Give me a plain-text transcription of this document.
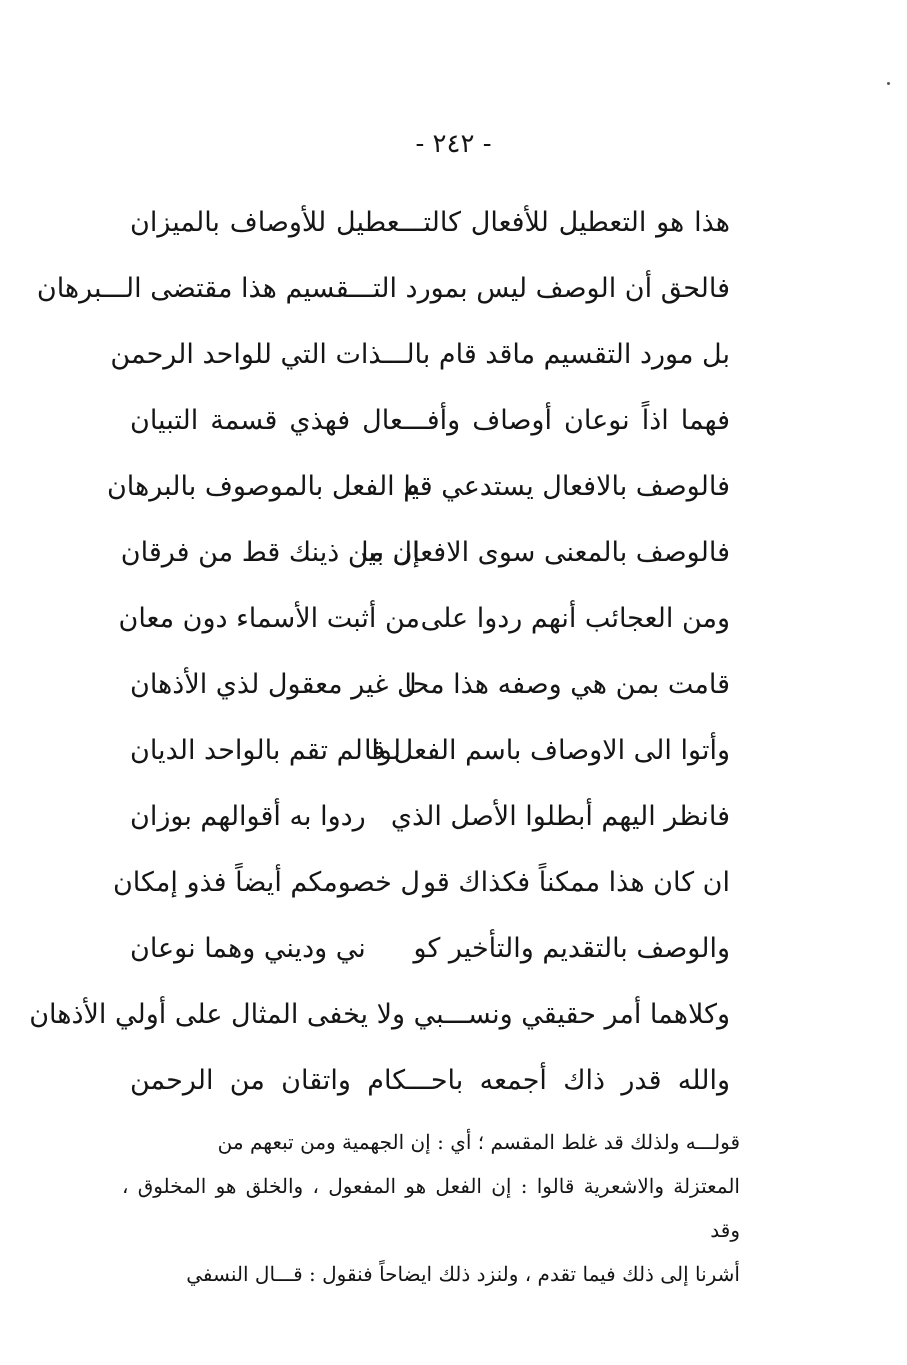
- ٢٤٢ -
هذا هو التعطيل للأفعال كالتـــعطيل للأوصاف بالميزان
فالحق أن الوصف ليس بمورد التـــقسيم هذا مقتضى الـــبرهان
بل مورد التقسيم ماقد قام بالـــذات التي للواحد الرحمن
فهما اذاً نوعان أوصاف وأفـــعال فهذي قسمة التبيان
فالوصف بالافعال يستدعي قيا
م الفعل بالموصوف بالبرهان
فالوصف بالمعنى سوى الافعال ما
إن بين ذينك قط من فرقان
ومن العجائب أنهم ردوا على
من أثبت الأسماء دون معان
قامت بمن هي وصفه هذا محا
ل غير معقول لذي الأذهان
وأتوا الى الاوصاف باسم الفعل قا
لوا لم تقم بالواحد الديان
فانظر اليهم أبطلوا الأصل الذي
ردوا به أقوالهم بوزان
ان كان هذا ممكناً فكذاك قو
ل خصومكم أيضاً فذو إمكان
والوصف بالتقديم والتأخير كو
ني وديني وهما نوعان
وكلاهما أمر حقيقي ونســـبي ولا يخفى المثال على أولي الأذهان
والله قدر ذاك أجمعه باحـــكام واتقان من الرحمن

قولـــه ولذلك قد غلط المقسم ؛ أي : إن الجهمية ومن تبعهم من

المعتزلة والاشعرية قالوا : إن الفعل هو المفعول ، والخلق هو المخلوق ، وقد

أشرنا إلى ذلك فيما تقدم ، ولنزد ذلك ايضاحاً فنقول : قـــال النسفي
